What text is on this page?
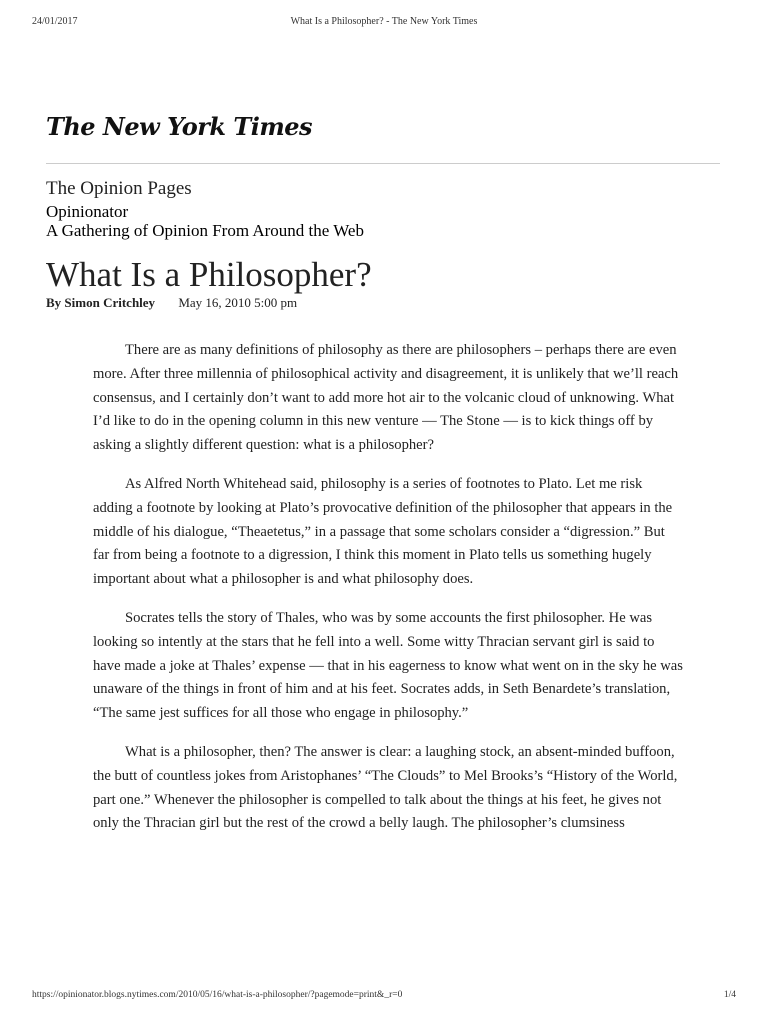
24/01/2017	What Is a Philosopher? - The New York Times
The New York Times
The Opinion Pages
Opinionator
A Gathering of Opinion From Around the Web
What Is a Philosopher?
By Simon Critchley May 16, 2010 5:00 pm

There are as many definitions of philosophy as there are philosophers – perhaps there are even more. After three millennia of philosophical activity and disagreement, it is unlikely that we’ll reach consensus, and I certainly don’t want to add more hot air to the volcanic cloud of unknowing. What I’d like to do in the opening column in this new venture — The Stone — is to kick things off by asking a slightly different question: what is a philosopher?

As Alfred North Whitehead said, philosophy is a series of footnotes to Plato. Let me risk adding a footnote by looking at Plato’s provocative definition of the philosopher that appears in the middle of his dialogue, “Theaetetus,” in a passage that some scholars consider a “digression.” But far from being a footnote to a digression, I think this moment in Plato tells us something hugely important about what a philosopher is and what philosophy does.

Socrates tells the story of Thales, who was by some accounts the first philosopher. He was looking so intently at the stars that he fell into a well. Some witty Thracian servant girl is said to have made a joke at Thales’ expense — that in his eagerness to know what went on in the sky he was unaware of the things in front of him and at his feet. Socrates adds, in Seth Benardete’s translation, “The same jest suffices for all those who engage in philosophy.”

What is a philosopher, then? The answer is clear: a laughing stock, an absent-minded buffoon, the butt of countless jokes from Aristophanes’ “The Clouds” to Mel Brooks’s “History of the World, part one.” Whenever the philosopher is compelled to talk about the things at his feet, he gives not only the Thracian girl but the rest of the crowd a belly laugh. The philosopher’s clumsiness

https://opinionator.blogs.nytimes.com/2010/05/16/what-is-a-philosopher/?pagemode=print&_r=0	1/4
